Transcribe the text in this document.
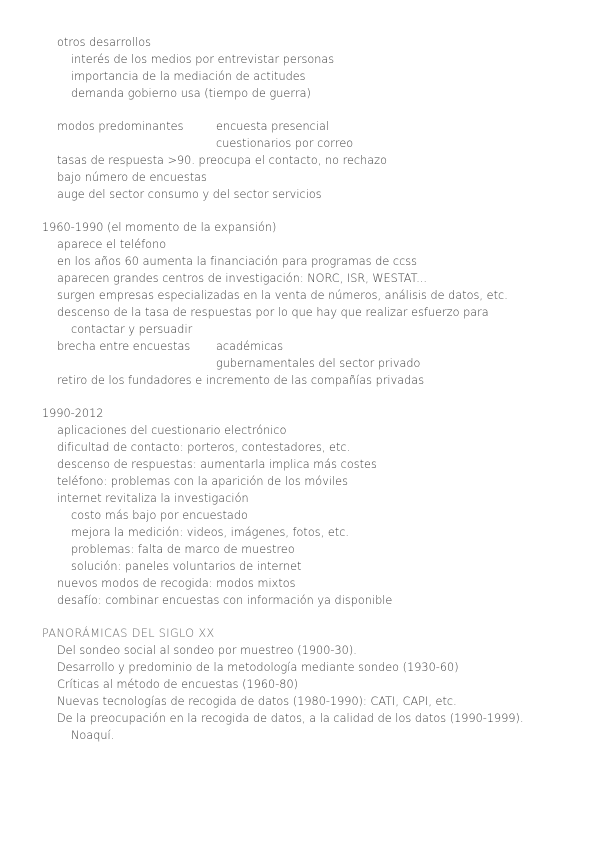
otros desarrollos
interés de los medios por entrevistar personas
importancia de la mediación de actitudes
demanda gobierno usa (tiempo de guerra)
modos predominantes	encuesta presencial
cuestionarios por correo
tasas de respuesta >90. preocupa el contacto, no rechazo
bajo número de encuestas
auge del sector consumo y del sector servicios
1960-1990 (el momento de la expansión)
aparece el teléfono
en los años 60 aumenta la financiación para programas de ccss
aparecen grandes centros de investigación: NORC, ISR, WESTAT...
surgen empresas especializadas en la venta de números, análisis de datos, etc.
descenso de la tasa de respuestas por lo que hay que realizar esfuerzo para
contactar y persuadir
brecha entre encuestas académicas
gubernamentales del sector privado
retiro de los fundadores e incremento de las compañías privadas
1990-2012
aplicaciones del cuestionario electrónico
dificultad de contacto: porteros, contestadores, etc.
descenso de respuestas: aumentarla implica más costes
teléfono: problemas con la aparición de los móviles
internet revitaliza la investigación
costo más bajo por encuestado
mejora la medición: videos, imágenes, fotos, etc.
problemas: falta de marco de muestreo
solución: paneles voluntarios de internet
nuevos modos de recogida: modos mixtos
desafío: combinar encuestas con información ya disponible
PANORÁMICAS DEL SIGLO XX
Del sondeo social al sondeo por muestreo (1900-30).
Desarrollo y predominio de la metodología mediante sondeo (1930-60)
Críticas al método de encuestas (1960-80)
Nuevas tecnologías de recogida de datos (1980-1990): CATI, CAPI, etc.
De la preocupación en la recogida de datos, a la calidad de los datos (1990-1999).
Noaquí.
